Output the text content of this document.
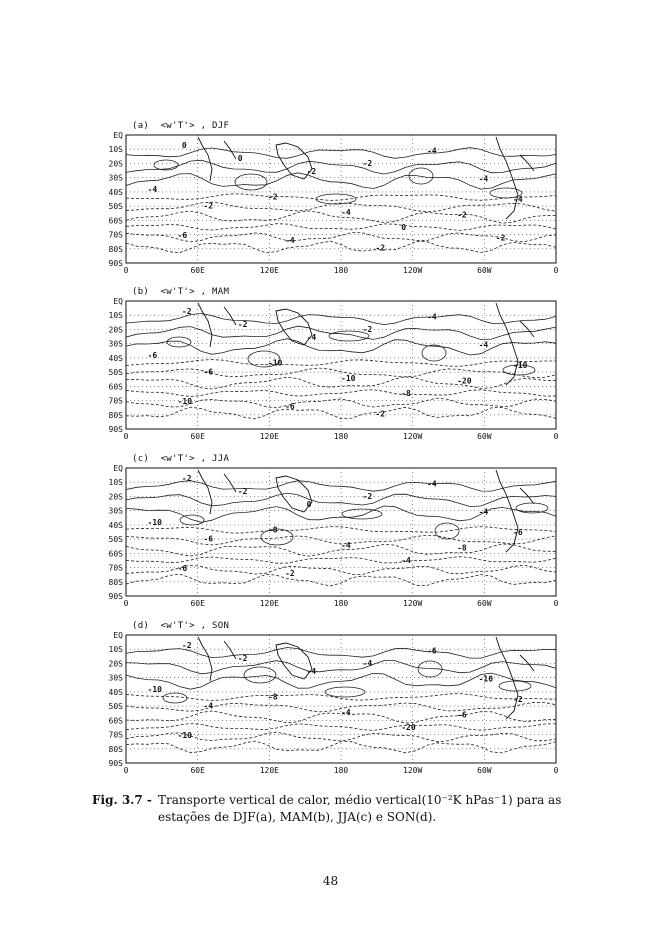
(a) <w'T'> , DJF
EQ
10S
20S
30S
40S
50S
60S
70S
80S
90S
0	60E	120E	180	120W	60W	0
0
0
-2
-2
-4
-4
-4
-2
-2
-4
0
-2
-4
-6
-4
-2
-2
(b) <w'T'> , MAM
EQ
10S
20S
30S
40S
50S
60S
70S
80S
90S
0	60E	120E	180	120W	60W	0
-2
-2
-4
-2
-4
-4
-6
-6
-10
-10
-8
-20
-10
-10
-6
-2
(c) <w'T'> , JJA
EQ
10S
20S
30S
40S
50S
60S
70S
80S
90S
0	60E	120E	180	120W	60W	0
-2
-2
0
-2
-4
-4
-10
-6
-8
-4
-4
-8
-6
-6
-2
(d) <w'T'> , SON
EQ
10S
20S
30S
40S
50S
60S
70S
80S
90S
0	60E	120E	180	120W	60W	0
-2
-2
-4
-4
-6
-10
-10
-4
-8
-4
-20
-6
-2
-10
Fig. 3.7 - Transporte vertical de calor, médio vertical(10⁻²K hPas⁻1) para as
estações de DJF(a), MAM(b), JJA(c) e SON(d).
48
